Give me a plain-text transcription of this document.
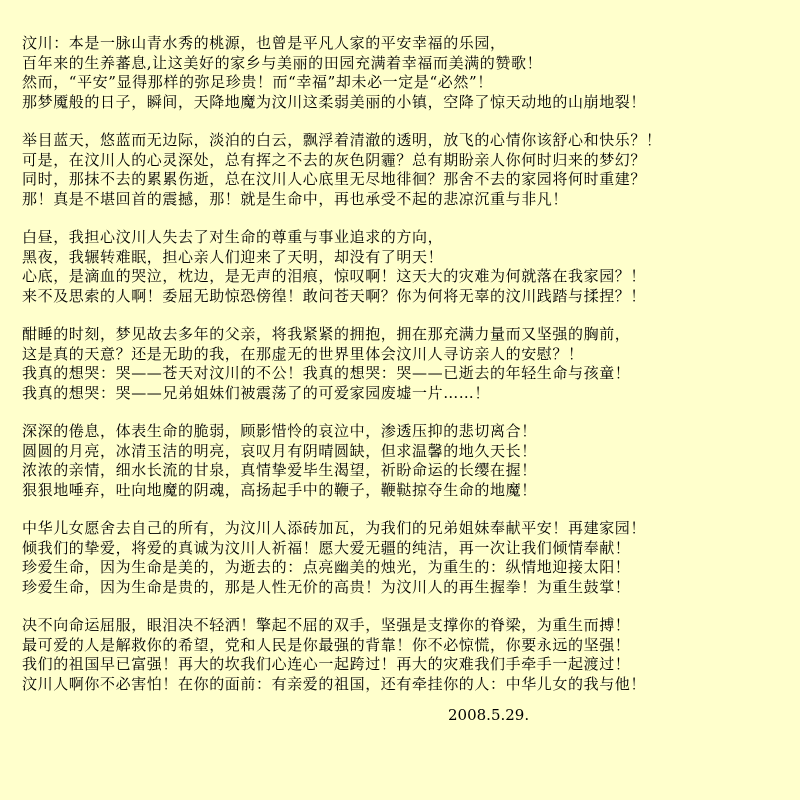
汶川：本是一脉山青水秀的桃源，也曾是平凡人家的平安幸福的乐园，
百年来的生养蕃息,让这美好的家乡与美丽的田园充满着幸福而美满的赞歌！
然而，“平安”显得那样的弥足珍贵！而“幸福”却未必一定是“必然”！
那梦魇般的日子，瞬间，天降地魔为汶川这柔弱美丽的小镇，空降了惊天动地的山崩地裂！
举目蓝天，悠蓝而无边际，淡泊的白云，飘浮着清澈的透明，放飞的心情你该舒心和快乐？！
可是，在汶川人的心灵深处，总有挥之不去的灰色阴霾？总有期盼亲人你何时归来的梦幻？
同时，那抹不去的累累伤逝，总在汶川人心底里无尽地徘徊？那舍不去的家园将何时重建？
那！真是不堪回首的震撼，那！就是生命中，再也承受不起的悲凉沉重与非凡！
白昼，我担心汶川人失去了对生命的尊重与事业追求的方向，
黑夜，我辗转难眠，担心亲人们迎来了天明，却没有了明天！
心底，是滴血的哭泣，枕边，是无声的泪痕，惊叹啊！这天大的灾难为何就落在我家园？！
来不及思索的人啊！委屈无助惊恐傍徨！敢问苍天啊？你为何将无辜的汶川践踏与揉捏？！
酣睡的时刻，梦见故去多年的父亲，将我紧紧的拥抱，拥在那充满力量而又坚强的胸前，
这是真的天意？还是无助的我，在那虚无的世界里体会汶川人寻访亲人的安慰？！
我真的想哭：哭——苍天对汶川的不公！我真的想哭：哭——已逝去的年轻生命与孩童！
我真的想哭：哭——兄弟姐妹们被震荡了的可爱家园废墟一片……！
深深的倦息，体表生命的脆弱，顾影惜怜的哀泣中，渗透压抑的悲切离合！
圆圆的月亮，冰清玉洁的明亮，哀叹月有阴晴圆缺，但求温馨的地久天长！
浓浓的亲情，细水长流的甘泉，真情挚爱毕生渴望，祈盼命运的长缨在握！
狠狠地唾弃，吐向地魔的阴魂，高扬起手中的鞭子，鞭鞑掠夺生命的地魔！
中华儿女愿舍去自己的所有，为汶川人添砖加瓦，为我们的兄弟姐妹奉献平安！再建家园！
倾我们的挚爱，将爱的真诚为汶川人祈福！愿大爱无疆的纯洁，再一次让我们倾情奉献！
珍爱生命，因为生命是美的，为逝去的：点亮幽美的烛光，为重生的：纵情地迎接太阳！
珍爱生命，因为生命是贵的，那是人性无价的高贵！为汶川人的再生握拳！为重生鼓掌！
决不向命运屈服，眼泪决不轻洒！擎起不屈的双手，坚强是支撑你的脊梁，为重生而搏！
最可爱的人是解救你的希望，党和人民是你最强的背靠！你不必惊慌，你要永远的坚强！
我们的祖国早已富强！再大的坎我们心连心一起跨过！再大的灾难我们手牵手一起渡过！
汶川人啊你不必害怕！在你的面前：有亲爱的祖国，还有牵挂你的人：中华儿女的我与他！
2008.5.29.
